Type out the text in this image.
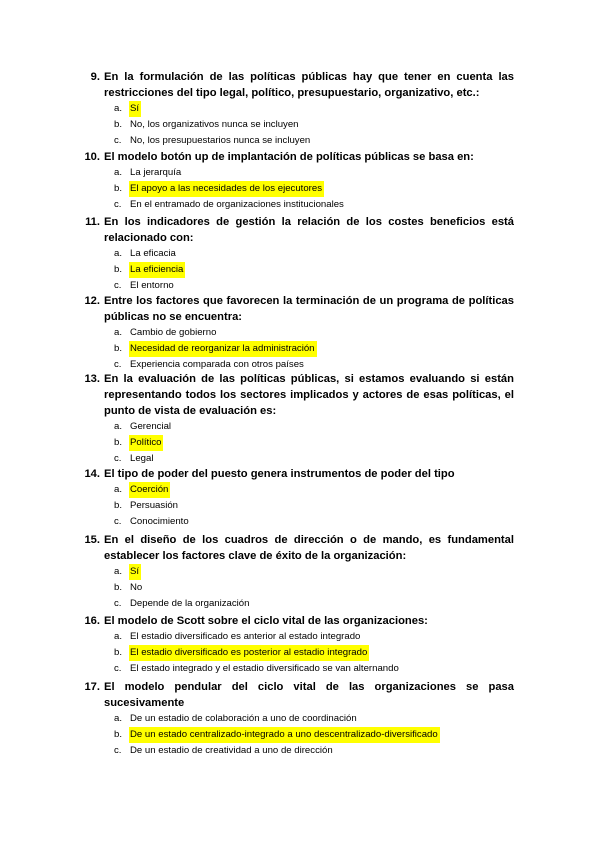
9. En la formulación de las políticas públicas hay que tener en cuenta las restricciones del tipo legal, político, presupuestario, organizativo, etc.:
a. Sí
b. No, los organizativos nunca se incluyen
c. No, los presupuestarios nunca se incluyen
10. El modelo botón up de implantación de políticas públicas se basa en:
a. La jerarquía
b. El apoyo a las necesidades de los ejecutores
c. En el entramado de organizaciones institucionales
11. En los indicadores de gestión la relación de los costes beneficios está relacionado con:
a. La eficacia
b. La eficiencia
c. El entorno
12. Entre los factores que favorecen la terminación de un programa de políticas públicas no se encuentra:
a. Cambio de gobierno
b. Necesidad de reorganizar la administración
c. Experiencia comparada con otros países
13. En la evaluación de las políticas públicas, si estamos evaluando si están representando todos los sectores implicados y actores de esas políticas, el punto de vista de evaluación es:
a. Gerencial
b. Político
c. Legal
14. El tipo de poder del puesto genera instrumentos de poder del tipo
a. Coerción
b. Persuasión
c. Conocimiento
15. En el diseño de los cuadros de dirección o de mando, es fundamental establecer los factores clave de éxito de la organización:
a. Sí
b. No
c. Depende de la organización
16. El modelo de Scott sobre el ciclo vital de las organizaciones:
a. El estadio diversificado es anterior al estado integrado
b. El estadio diversificado es posterior al estadio integrado
c. El estado integrado y el estadio diversificado se van alternando
17. El modelo pendular del ciclo vital de las organizaciones se pasa sucesivamente
a. De un estadio de colaboración a uno de coordinación
b. De un estado centralizado-integrado a uno descentralizado-diversificado
c. De un estadio de creatividad a uno de dirección
